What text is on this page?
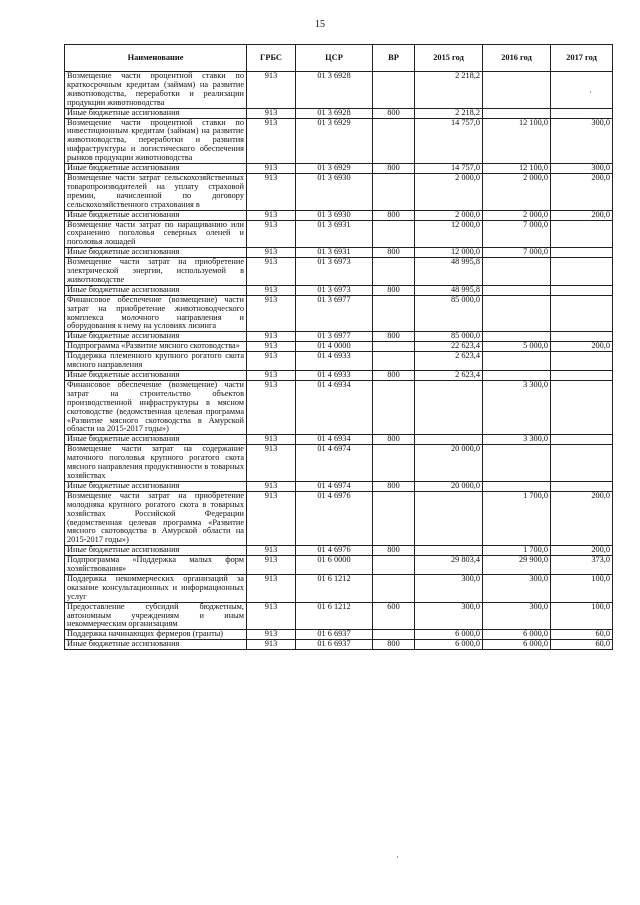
15
Наименование	ГРБС	ЦСР	ВР	2015 год	2016 год	2017 год
Возмещение части процентной ставки по краткосрочным кредитам (займам) на развитие животноводства, переработки и реализации продукции животноводства	913	01 3 6928		2 218,2		
Иные бюджетные ассигнования	913	01 3 6928	800	2 218,2		
Возмещение части процентной ставки по инвестиционным кредитам (займам) на развитие животноводства, переработки и развития инфраструктуры и логистического обеспечения рынков продукции животноводства	913	01 3 6929		14 757,0	12 100,0	300,0
Иные бюджетные ассигнования	913	01 3 6929	800	14 757,0	12 100,0	300,0
Возмещение части затрат сельскохозяйственных товаропроизводителей на уплату страховой премии, начисленной по договору сельскохозяйственного страхования в	913	01 3 6930		2 000,0	2 000,0	200,0
Иные бюджетные ассигнования	913	01 3 6930	800	2 000,0	2 000,0	200,0
Возмещение части затрат по наращиванию или сохранению поголовья северных оленей и поголовья лошадей	913	01 3 6931		12 000,0	7 000,0	
Иные бюджетные ассигнования	913	01 3 6931	800	12 000,0	7 000,0	
Возмещение части затрат на приобретение электрической энергии, используемой в животноводстве	913	01 3 6973		48 995,8		
Иные бюджетные ассигнования	913	01 3 6973	800	48 995,8		
Финансовое обеспечение (возмещение) части затрат на приобретение животноводческого комплекса молочного направления и оборудования к нему на условиях лизинга	913	01 3 6977		85 000,0		
Иные бюджетные ассигнования	913	01 3 6977	800	85 000,0		
Подпрограмма «Развитие мясного скотоводства»	913	01 4 0000		22 623,4	5 000,0	200,0
Поддержка племенного крупного рогатого скота мясного направления	913	01 4 6933		2 623,4		
Иные бюджетные ассигнования	913	01 4 6933	800	2 623,4		
Финансовое обеспечение (возмещение) части затрат на строительство объектов производственной инфраструктуры в мясном скотоводстве (ведомственная целевая программа «Развитие мясного скотоводства в Амурской области на 2015-2017 годы»)	913	01 4 6934			3 300,0	
Иные бюджетные ассигнования	913	01 4 6934	800		3 300,0	
Возмещение части затрат на содержание маточного поголовья крупного рогатого скота мясного направления продуктивности в товарных хозяйствах	913	01 4 6974		20 000,0		
Иные бюджетные ассигнования	913	01 4 6974	800	20 000,0		
Возмещение части затрат на приобретение молодняка крупного рогатого скота в товарных хозяйствах Российской Федерации (ведомственная целевая программа «Развитие мясного скотоводства в Амурской области на 2015-2017 годы»)	913	01 4 6976			1 700,0	200,0
Иные бюджетные ассигнования	913	01 4 6976	800		1 700,0	200,0
Подпрограмма «Поддержка малых форм хозяйствования»	913	01 6 0000		29 803,4	29 900,0	373,0
Поддержка некоммерческих организаций за оказание консультационных и информационных услуг	913	01 6 1212		300,0	300,0	100,0
Предоставление субсидий бюджетным, автономным учреждениям и иным некоммерческим организациям	913	01 6 1212	600	300,0	300,0	100,0
Поддержка начинающих фермеров (гранты)	913	01 6 6937		6 000,0	6 000,0	60,0
Иные бюджетные ассигнования	913	01 6 6937	800	6 000,0	6 000,0	60,0
·
·
